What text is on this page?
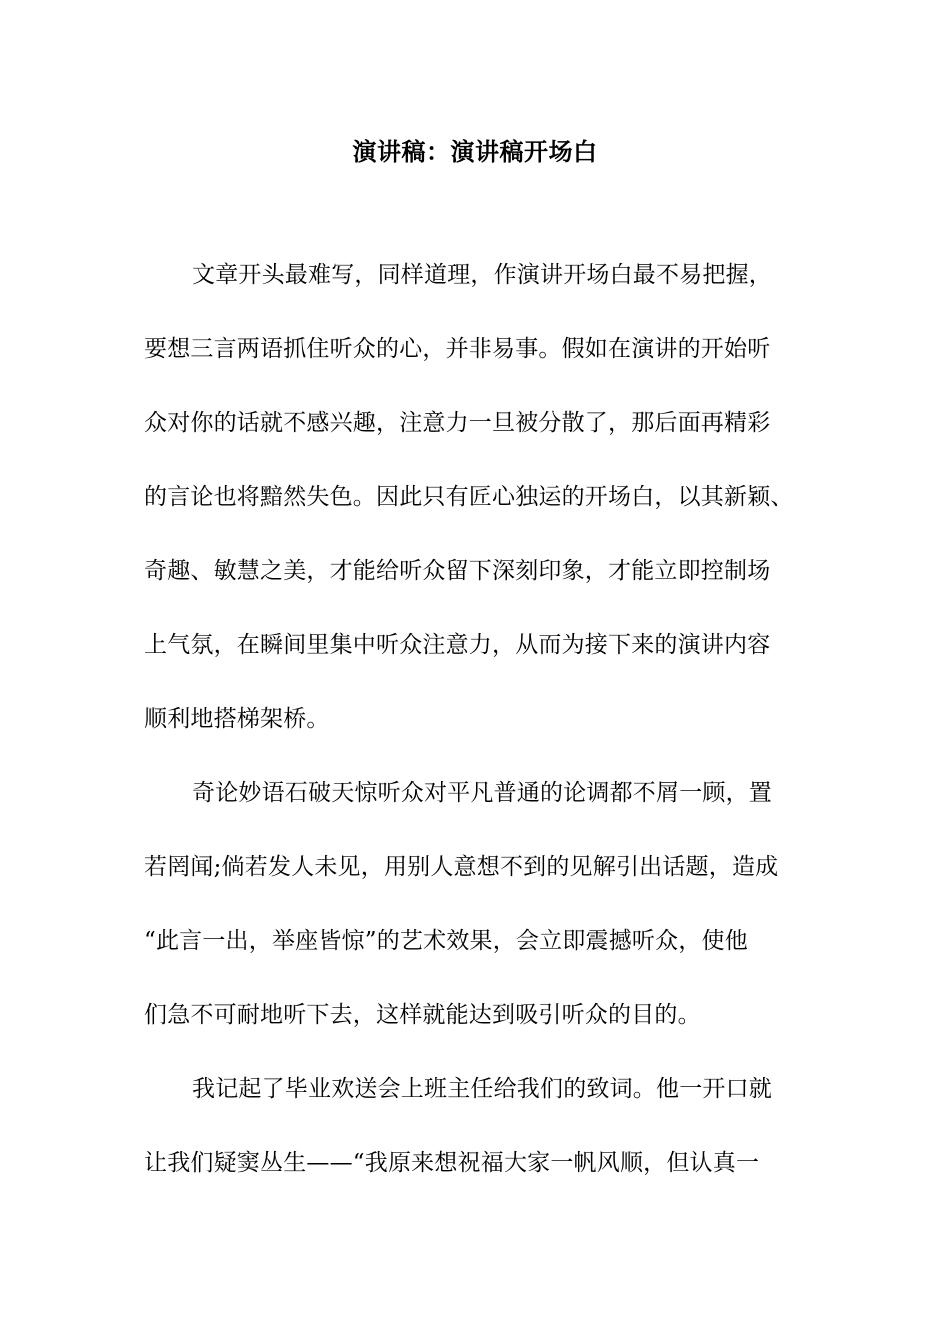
演讲稿：演讲稿开场白
文章开头最难写，同样道理，作演讲开场白最不易把握，
要想三言两语抓住听众的心，并非易事。假如在演讲的开始听
众对你的话就不感兴趣，注意力一旦被分散了，那后面再精彩
的言论也将黯然失色。因此只有匠心独运的开场白，以其新颖、
奇趣、敏慧之美，才能给听众留下深刻印象，才能立即控制场
上气氛，在瞬间里集中听众注意力，从而为接下来的演讲内容
顺利地搭梯架桥。
奇论妙语石破天惊听众对平凡普通的论调都不屑一顾，置
若罔闻;倘若发人未见，用别人意想不到的见解引出话题，造成
“此言一出，举座皆惊”的艺术效果，会立即震撼听众，使他
们急不可耐地听下去，这样就能达到吸引听众的目的。
我记起了毕业欢送会上班主任给我们的致词。他一开口就
让我们疑窦丛生——“我原来想祝福大家一帆风顺，但认真一
